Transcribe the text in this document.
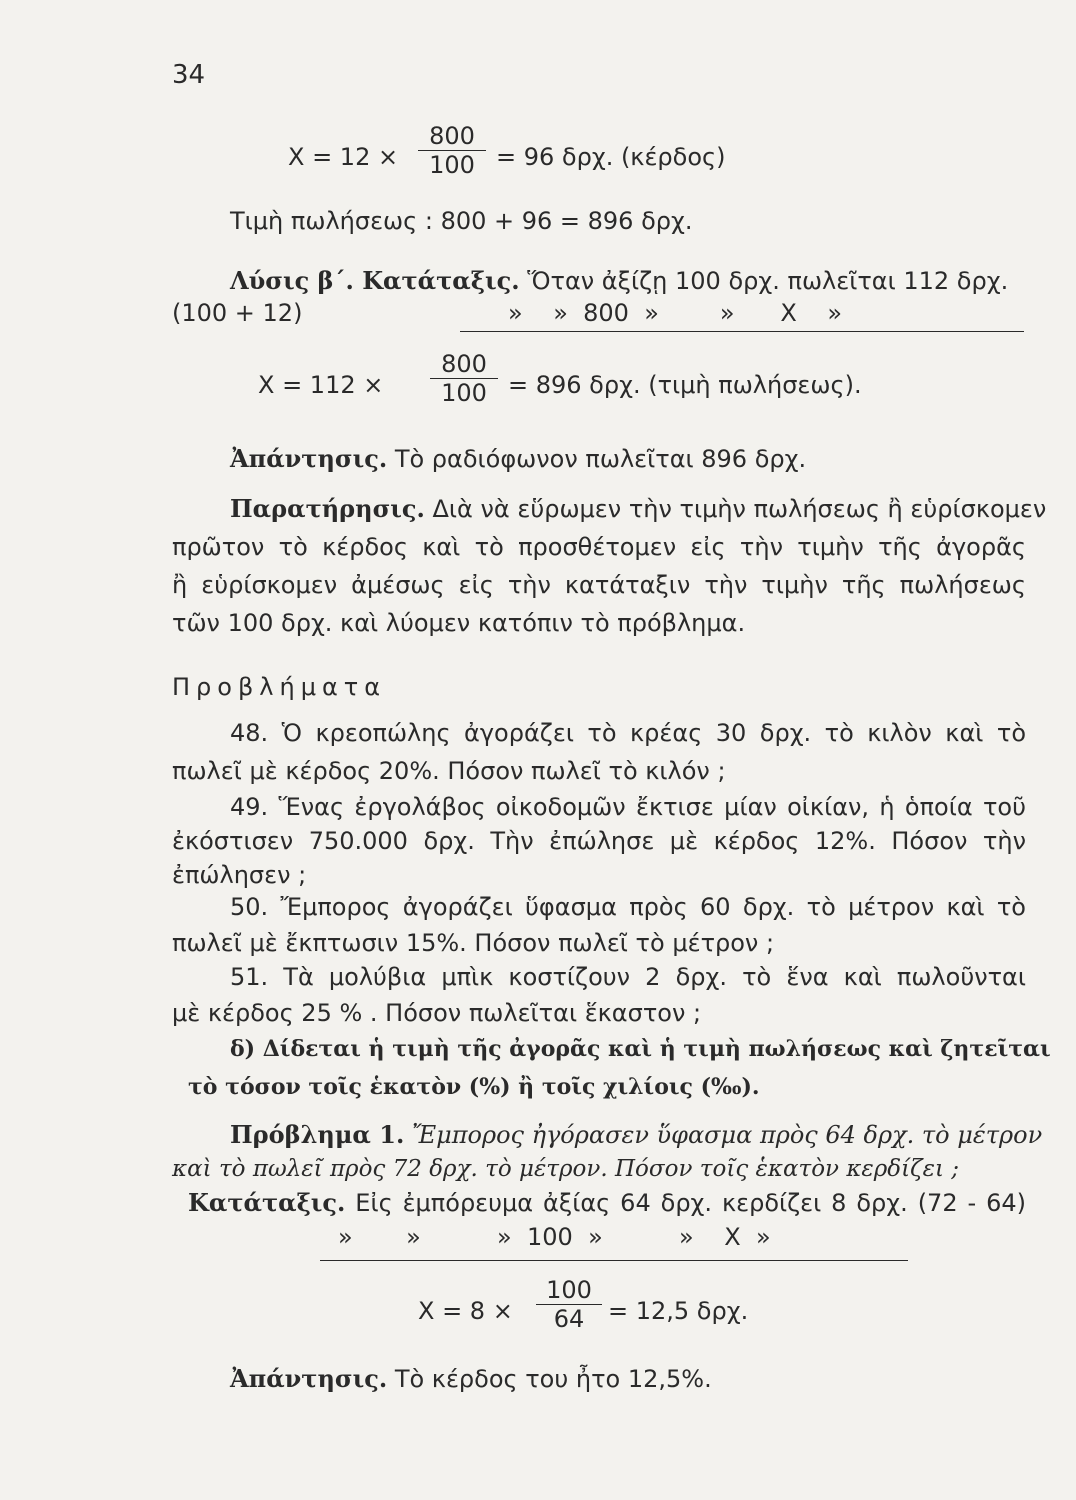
34
$X = 12 \times \frac{800}{100} = 96$ δρχ. (κέρδος)
Τιμὴ πωλήσεως : 800 + 96 = 896 δρχ.
Λύσις β΄. Κατάταξις. Ὅταν ἀξίζῃ 100 δρχ. πωλεῖται 112 δρχ.
(100 + 12)	»    »  800  »        »      X    »
$X = 112 \times \frac{800}{100} = 896$ δρχ. (τιμὴ πωλήσεως).
Ἀπάντησις. Τὸ ραδιόφωνον πωλεῖται 896 δρχ.
Παρατήρησις. Διὰ νὰ εὕρωμεν τὴν τιμὴν πωλήσεως ἢ εὑρίσκομεν
πρῶτον τὸ κέρδος καὶ τὸ προσθέτομεν εἰς τὴν τιμὴν τῆς ἀγορᾶς
ἢ εὑρίσκομεν ἀμέσως εἰς τὴν κατάταξιν τὴν τιμὴν τῆς πωλήσεως
τῶν 100 δρχ. καὶ λύομεν κατόπιν τὸ πρόβλημα.
Προβλήματα
48. Ὁ κρεοπώλης ἀγοράζει τὸ κρέας 30 δρχ. τὸ κιλὸν καὶ τὸ
πωλεῖ μὲ κέρδος 20%. Πόσον πωλεῖ τὸ κιλόν ;
49. Ἕνας ἐργολάβος οἰκοδομῶν ἔκτισε μίαν οἰκίαν, ἡ ὁποία τοῦ
ἐκόστισεν 750.000 δρχ. Τὴν ἐπώλησε μὲ κέρδος 12%. Πόσον τὴν
ἐπώλησεν ;
50. Ἔμπορος ἀγοράζει ὕφασμα πρὸς 60 δρχ. τὸ μέτρον καὶ τὸ
πωλεῖ μὲ ἔκπτωσιν 15%. Πόσον πωλεῖ τὸ μέτρον ;
51. Τὰ μολύβια μπὶκ κοστίζουν 2 δρχ. τὸ ἕνα καὶ πωλοῦνται
μὲ κέρδος 25 % . Πόσον πωλεῖται ἕκαστον ;
δ) Δίδεται ἡ τιμὴ τῆς ἀγορᾶς καὶ ἡ τιμὴ πωλήσεως καὶ ζητεῖται
τὸ τόσον τοῖς ἑκατὸν (%) ἢ τοῖς χιλίοις (‰).
Πρόβλημα 1. Ἔμπορος ἠγόρασεν ὕφασμα πρὸς 64 δρχ. τὸ μέτρον
καὶ τὸ πωλεῖ πρὸς 72 δρχ. τὸ μέτρον. Πόσον τοῖς ἑκατὸν κερδίζει ;
Κατάταξις. Εἰς ἐμπόρευμα ἀξίας 64 δρχ. κερδίζει 8 δρχ. (72 - 64)
»       »          »  100  »          »    X  »
$X = 8 \times \frac{100}{64} = 12,5$ δρχ.
Ἀπάντησις. Τὸ κέρδος του ἦτο 12,5%.
